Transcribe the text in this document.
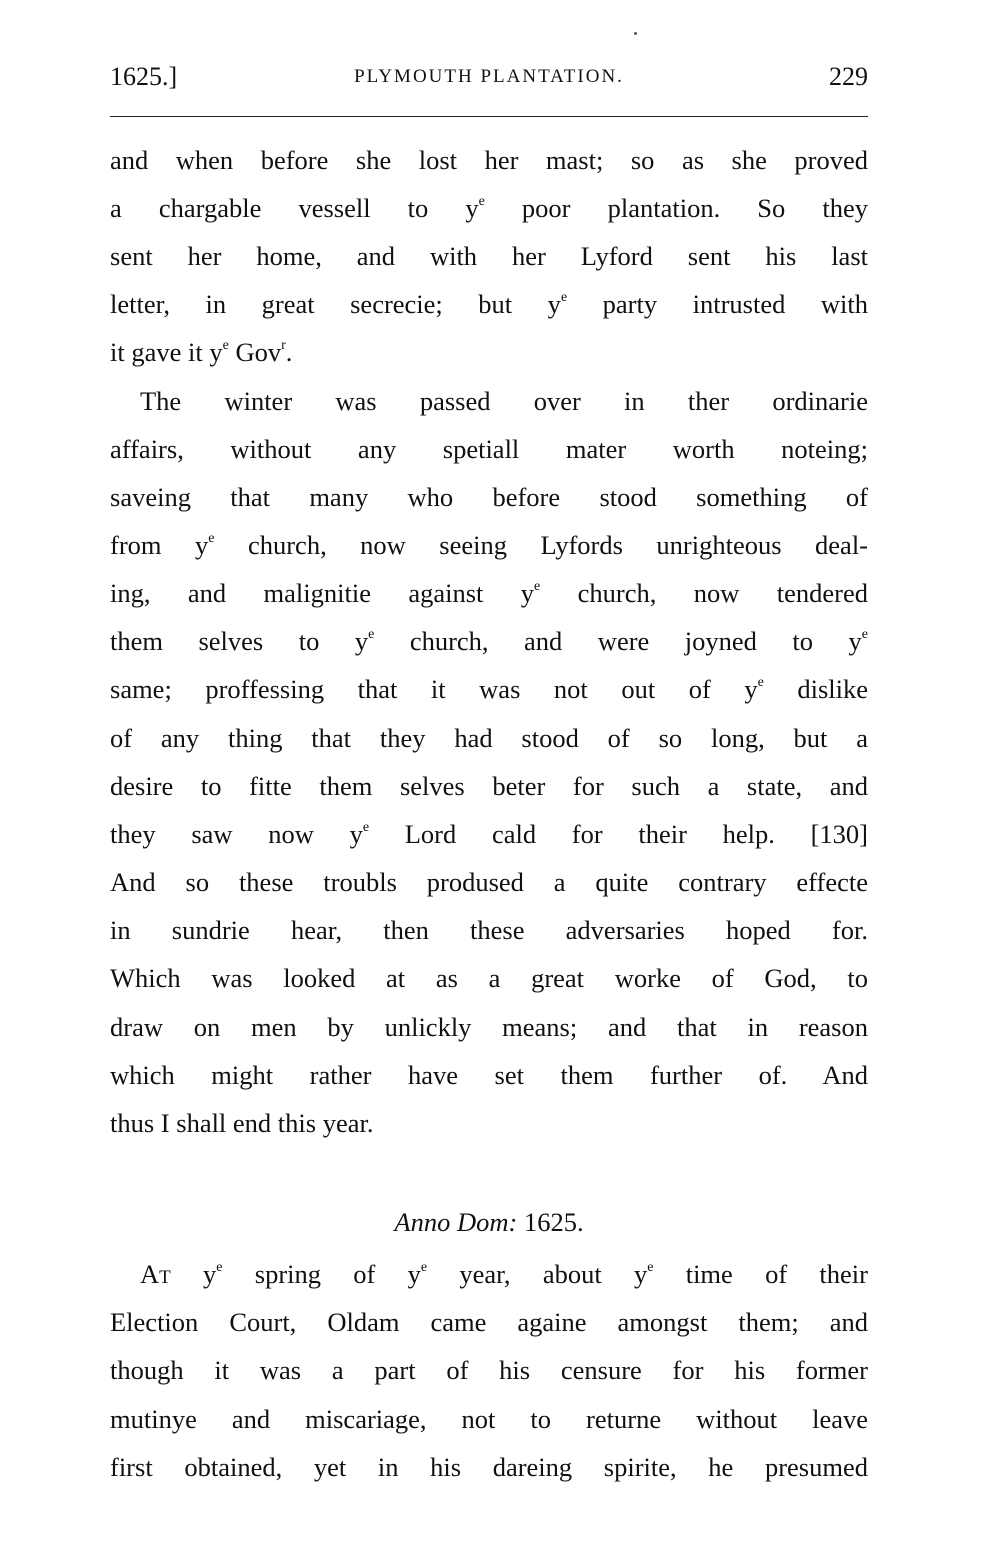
1625.]	PLYMOUTH PLANTATION.	229
and when before she lost her mast; so as she proved
a chargable vessell to $y^e$ poor plantation. So they
sent her home, and with her Lyford sent his last
letter, in great secrecie; but $y^e$ party intrusted with
it gave it $y^e$ Gov$^r$.
The winter was passed over in ther ordinarie
affairs, without any spetiall mater worth noteing;
saveing that many who before stood something of
from $y^e$ church, now seeing Lyfords unrighteous deal-
ing, and malignitie against $y^e$ church, now tendered
them selves to $y^e$ church, and were joyned to $y^e$
same; proffessing that it was not out of $y^e$ dislike
of any thing that they had stood of so long, but a
desire to fitte them selves beter for such a state, and
they saw now $y^e$ Lord cald for their help. [130]
And so these troubls prodused a quite contrary effecte
in sundrie hear, then these adversaries hoped for.
Which was looked at as a great worke of God, to
draw on men by unlickly means; and that in reason
which might rather have set them further of. And
thus I shall end this year.
Anno Dom: 1625.
At $y^e$ spring of $y^e$ year, about $y^e$ time of their
Election Court, Oldam came againe amongst them; and
though it was a part of his censure for his former
mutinye and miscariage, not to returne without leave
first obtained, yet in his dareing spirite, he presumed
